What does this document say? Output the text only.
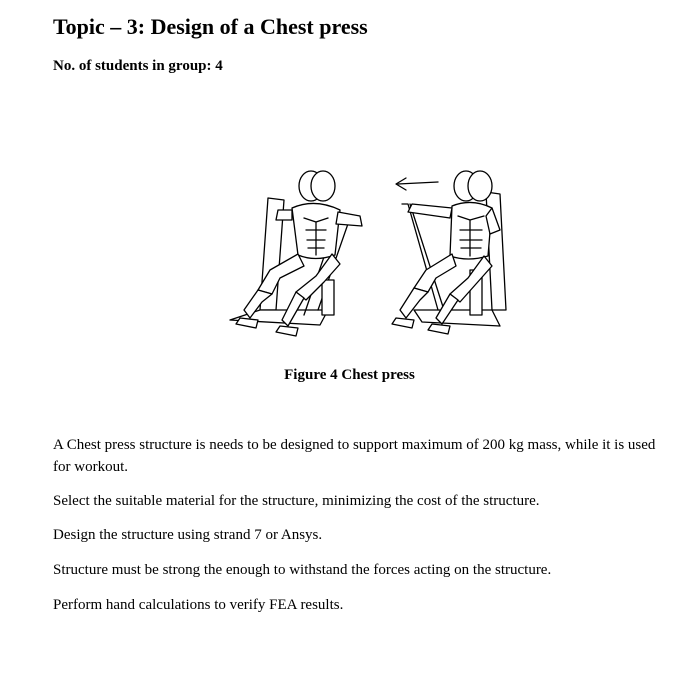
Topic – 3: Design of a Chest press

No. of students in group: 4

Figure 4 Chest press

A Chest press structure is needs to be designed to support maximum of 200 kg mass, while it is used for workout.

Select the suitable material for the structure, minimizing the cost of the structure.

Design the structure using strand 7 or Ansys.

Structure must be strong the enough to withstand the forces acting on the structure.

Perform hand calculations to verify FEA results.
